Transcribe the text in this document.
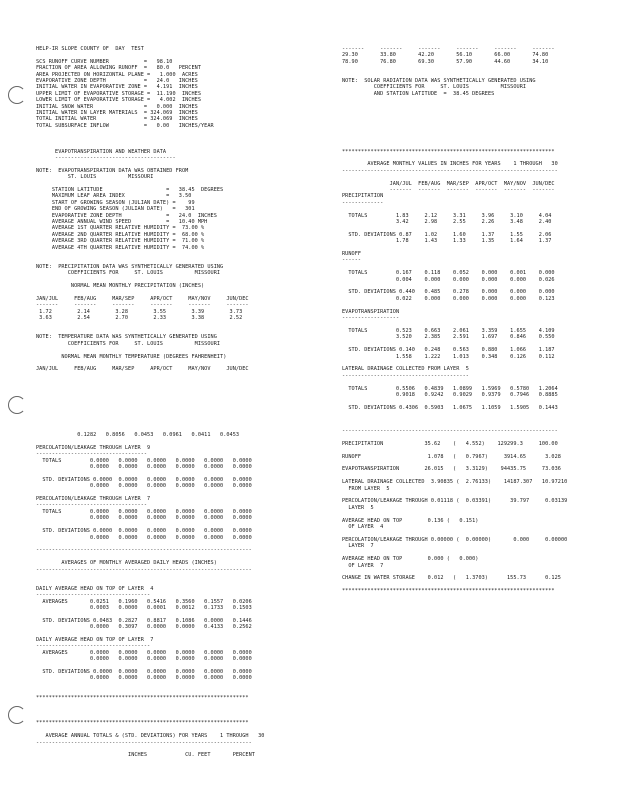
HELP-IR SLOPE COUNTY OF  DAY  TEST

SCS RUNOFF CURVE NUMBER           =   98.10
FRACTION OF AREA ALLOWING RUNOFF  =   80.0   PERCENT
AREA PROJECTED ON HORIZONTAL PLANE =   1.000  ACRES
EVAPORATIVE ZONE DEPTH            =   24.0   INCHES
INITIAL WATER IN EVAPORATIVE ZONE =   4.191  INCHES
UPPER LIMIT OF EVAPORATIVE STORAGE =  11.190  INCHES
LOWER LIMIT OF EVAPORATIVE STORAGE =   4.002  INCHES
INITIAL SNOW WATER                =   0.000  INCHES
INITIAL WATER IN LAYER MATERIALS  = 324.069  INCHES
TOTAL INITIAL WATER               = 324.069  INCHES
TOTAL SUBSURFACE INFLOW           =   0.00   INCHES/YEAR

EVAPOTRANSPIRATION AND WEATHER DATA
--------------------------------------

NOTE:  EVAPOTRANSPIRATION DATA WAS OBTAINED FROM
ST. LOUIS          MISSOURI

STATION LATITUDE                    =   38.45  DEGREES
MAXIMUM LEAF AREA INDEX             =   3.50
START OF GROWING SEASON (JULIAN DATE) =    99
END OF GROWING SEASON (JULIAN DATE)   =   301
EVAPORATIVE ZONE DEPTH              =   24.0  INCHES
AVERAGE ANNUAL WIND SPEED           =   10.40 MPH
AVERAGE 1ST QUARTER RELATIVE HUMIDITY =  73.00 %
AVERAGE 2ND QUARTER RELATIVE HUMIDITY =  68.00 %
AVERAGE 3RD QUARTER RELATIVE HUMIDITY =  71.00 %
AVERAGE 4TH QUARTER RELATIVE HUMIDITY =  74.00 %

NOTE:  PRECIPITATION DATA WAS SYNTHETICALLY GENERATED USING
COEFFICIENTS FOR     ST. LOUIS          MISSOURI

NORMAL MEAN MONTHLY PRECIPITATION (INCHES)

JAN/JUL     FEB/AUG     MAR/SEP     APR/OCT     MAY/NOV     JUN/DEC
-------     -------     -------     -------     -------     -------
1.72        2.14        3.28        3.55        3.39        3.73
3.63        2.54        2.70        2.33        3.38        2.52

NOTE:  TEMPERATURE DATA WAS SYNTHETICALLY GENERATED USING
COEFFICIENTS FOR     ST. LOUIS          MISSOURI

NORMAL MEAN MONTHLY TEMPERATURE (DEGREES FAHRENHEIT)

JAN/JUL     FEB/AUG     MAR/SEP     APR/OCT     MAY/NOV     JUN/DEC
-------     -------     -------     -------     -------     -------
29.30       33.80       42.20       56.10       66.00       74.80
78.90       76.80       69.30       57.90       44.60       34.10

NOTE:  SOLAR RADIATION DATA WAS SYNTHETICALLY GENERATED USING
COEFFICIENTS FOR     ST. LOUIS          MISSOURI
AND STATION LATITUDE  =  38.45 DEGREES

*******************************************************************

AVERAGE MONTHLY VALUES IN INCHES FOR YEARS    1 THROUGH   30
--------------------------------------------------------------------

JAN/JUL  FEB/AUG  MAR/SEP  APR/OCT  MAY/NOV  JUN/DEC
-------  -------  -------  -------  -------  -------
PRECIPITATION
-------------

TOTALS         1.83     2.12     3.31     3.96     3.10     4.04
3.42     2.98     2.55     2.26     3.48     2.40

STD. DEVIATIONS 0.87    1.02     1.60     1.37     1.55     2.06
1.78     1.43     1.33     1.35     1.64     1.37

RUNOFF
------

TOTALS         0.167    0.118    0.052    0.000    0.001    0.000
0.004    0.000    0.000    0.000    0.000    0.026

STD. DEVIATIONS 0.440   0.485    0.278    0.000    0.000    0.000
0.022    0.000    0.000    0.000    0.000    0.123

EVAPOTRANSPIRATION
------------------

TOTALS         0.523    0.663    2.061    3.359    1.655    4.109
3.520    2.385    2.591    1.697    0.846    0.550

STD. DEVIATIONS 0.140   0.248    0.563    0.880    1.066    1.187
1.558    1.222    1.013    0.348    0.126    0.112

LATERAL DRAINAGE COLLECTED FROM LAYER  5
----------------------------------------

TOTALS         0.5506   0.4839   1.0899   1.5969   0.5780   1.2064
0.9018   0.9242   0.9029   0.9379   0.7946   0.8885

STD. DEVIATIONS 0.4306  0.5903   1.0675   1.1059   1.5905   0.1443
0.1282   0.8056   0.0453   0.0961   0.0411   0.0453

PERCOLATION/LEAKAGE THROUGH LAYER  9
-----------------------------------
TOTALS         0.0000   0.0000   0.0000   0.0000   0.0000   0.0000
0.0000   0.0000   0.0000   0.0000   0.0000   0.0000

STD. DEVIATIONS 0.0000  0.0000   0.0000   0.0000   0.0000   0.0000
0.0000   0.0000   0.0000   0.0000   0.0000   0.0000

PERCOLATION/LEAKAGE THROUGH LAYER  7
-----------------------------------
TOTALS         0.0000   0.0000   0.0000   0.0000   0.0000   0.0000
0.0000   0.0000   0.0000   0.0000   0.0000   0.0000

STD. DEVIATIONS 0.0000  0.0000   0.0000   0.0000   0.0000   0.0000
0.0000   0.0000   0.0000   0.0000   0.0000   0.0000

--------------------------------------------------------------------

AVERAGES OF MONTHLY AVERAGED DAILY HEADS (INCHES)
--------------------------------------------------------------------

DAILY AVERAGE HEAD ON TOP OF LAYER  4
------------------------------------
AVERAGES       0.0251   0.1960   0.5416   0.3560   0.1557   0.0206
0.0003   0.0000   0.0001   0.0012   0.1733   0.1503

STD. DEVIATIONS 0.0483  0.2827   0.8817   0.1086   0.0000   0.1446
0.0000   0.3097   0.0000   0.0000   0.4133   0.2562

DAILY AVERAGE HEAD ON TOP OF LAYER  7
------------------------------------
AVERAGES       0.0000   0.0000   0.0000   0.0000   0.0000   0.0000
0.0000   0.0000   0.0000   0.0000   0.0000   0.0000

STD. DEVIATIONS 0.0000  0.0000   0.0000   0.0000   0.0000   0.0000
0.0000   0.0000   0.0000   0.0000   0.0000   0.0000

*******************************************************************

*******************************************************************

AVERAGE ANNUAL TOTALS & (STD. DEVIATIONS) FOR YEARS    1 THROUGH   30
--------------------------------------------------------------------

INCHES            CU. FEET       PERCENT
--------------------------------------------------------------------

PRECIPITATION             35.62    (   4.552)    129299.3     100.00

RUNOFF                     1.078   (   0.7967)     3914.65      3.028

EVAPOTRANSPIRATION        26.015   (   3.3129)    94435.75     73.036

LATERAL DRAINAGE COLLECTED  3.90835 (  2.76133)    14187.307   10.97210
FROM LAYER  5

PERCOLATION/LEAKAGE THROUGH 0.01118 (  0.03391)      39.797     0.03139
LAYER  5

AVERAGE HEAD ON TOP        0.136 (   0.151)
OF LAYER  4

PERCOLATION/LEAKAGE THROUGH 0.00000 (  0.00000)       0.000     0.00000
LAYER  7

AVERAGE HEAD ON TOP        0.000 (   0.000)
OF LAYER  7

CHANGE IN WATER STORAGE    0.012   (   1.3703)      155.73      0.125

*******************************************************************
